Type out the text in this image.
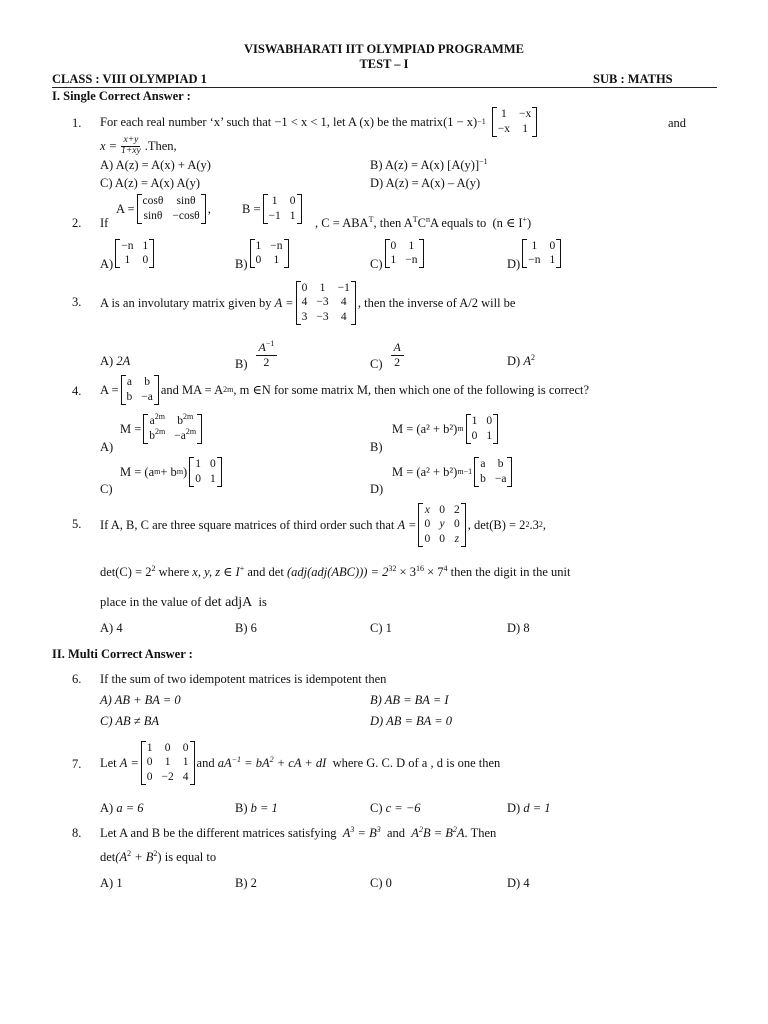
VISWABHARATI IIT OLYMPIAD PROGRAMME
TEST – I
CLASS : VIII OLYMPIAD 1	SUB : MATHS
I. Single Correct Answer :
1. For each real number ‘x’ such that
−1 < x < 1 , let A (x) be the matrix (1 − x) −1
1 −x
−x 1	and
$x = \frac{x+y}{1+xy}$ .Then,
A) A(z) = A(x) + A(y)	B) A(z) = A(x) $[A(y)]^{-1}$
C) A(z) = A(x) A(y)	D) A(z) = A(x) – A(y)
2. If
A =
cosθ	sinθ
sinθ −cosθ , B =
1 0
−1 1
, $C = ABA^T$, then $A^TC^nA$ equals to (n ∈ I+)
A)
−n 1
1 0	B)
1 −n
0 1	C)
0 1
1 −n	D)
1 0
−n 1
3. A is an involutary matrix given by
A =
0 1 −1
4 −3 4
3 −3 4
, then the inverse of A/2 will be
A) 2A	$B) \frac{A^{-1}}{2}$	$C) \frac{A}{2}$	D) $A^2$
4. A =
a b
b −a and MA = A 2m , m ∈N for some matrix M, then which one of the following is correct?
A)
M =
$a^{2m}$ $b^{2m}$
$b^{2m} -a^{2m}$
B)
M =
(a² + b²) m
1 0
0 1
C)
M =
(a m + b m )
1 0
0 1
D)
M =
(a² + b²) m−1
a b
b −a
5. If A, B, C are three square matrices of third order such that
A =
x 0 2
0 y 0
0 0 z
, det(B) = 2 2 .3 2 ,
$\det(C) = 2^2$ where x, y, z ∈ I+ and $\det (adj(adj(ABC))) = 2^{32} \times 3^{16} \times 7^4$ then the digit in the unit
place in the value of det adjA is
A) 4	B) 6	C) 1	D) 8
II. Multi Correct Answer :
6. If the sum of two idempotent matrices is idempotent then
A) AB + BA = 0	B) AB = BA = I
C) AB ≠ BA	D) AB = BA = 0
7. Let
A =
1 0 0
0 1 1
0 −2 4
and
$aA^{-1} = bA^2$ + cA + dI
where G. C. D of a , d is one then
A) a = 6	B) b = 1	C) c = −6	D) d = 1
8. Let A and B be the different matrices satisfying $A^3 = B^3$ and $A^2B = B^2A$. Then
$\det(A^2 + B^2)$ is equal to
A) 1	B) 2	C) 0	D) 4
